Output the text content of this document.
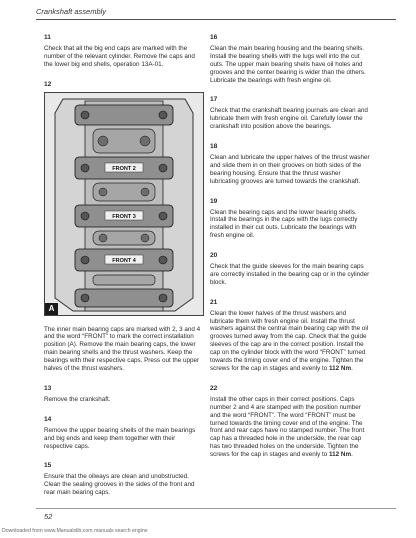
Crankshaft assembly
11
Check that all the big end caps are marked with the number of the relevant cylinder. Remove the caps and the lower big end shells, operation 13A-01.
12
FRONT 2
FRONT 3
FRONT 4
A
The inner main bearing caps are marked with 2, 3 and 4 and the word “FRONT” to mark the correct installation position (A). Remove the main bearing caps, the lower main bearing shells and the thrust washers. Keep the bearings with their respective caps. Press out the upper halves of the thrust washers.
13
Remove the crankshaft.
14
Remove the upper bearing shells of the main bearings and big ends and keep them together with their respective caps.
15
Ensure that the oilways are clean and unobstructed. Clean the sealing grooves in the sides of the front and rear main bearing caps.
16
Clean the main bearing housing and the bearing shells. Install the bearing shells with the lugs well into the cut outs. The upper main bearing shells have oil holes and grooves and the center bearing is wider than the others. Lubricate the bearings with fresh engine oil.
17
Check that the crankshaft bearing journals are clean and lubricate them with fresh engine oil. Carefully lower the crankshaft into position above the bearings.
18
Clean and lubricate the upper halves of the thrust washer and slide them in on their grooves on both sides of the bearing housing. Ensure that the thrust washer lubricating grooves are turned towards the crankshaft.
19
Clean the bearing caps and the lower bearing shells. Install the bearings in the caps with the lugs correctly installed in their cut outs. Lubricate the bearings with fresh engine oil.
20
Check that the guide sleeves for the main bearing caps are correctly installed in the bearing cap or in the cylinder block.
21
Clean the lower halves of the thrust washers and lubricate them with fresh engine oil. Install the thrust washers against the central main bearing cap with the oil grooves turned away from the cap. Check that the guide sleeves of the cap are in the correct position. Install the cap on the cylinder block with the word “FRONT” turned towards the timing cover end of the engine. Tighten the screws for the cap in stages and evenly to 112 Nm.
22
Install the other caps in their correct positions. Caps number 2 and 4 are stamped with the position number and the word “FRONT”. The word “FRONT” must be turned towards the timing cover end of the engine. The front and rear caps have no stamped number. The front cap has a threaded hole in the underside, the rear cap has two threaded holes on the underside. Tighten the screws for the cap in stages and evenly to 112 Nm.
52
Downloaded from www.Manualslib.com manuals search engine
